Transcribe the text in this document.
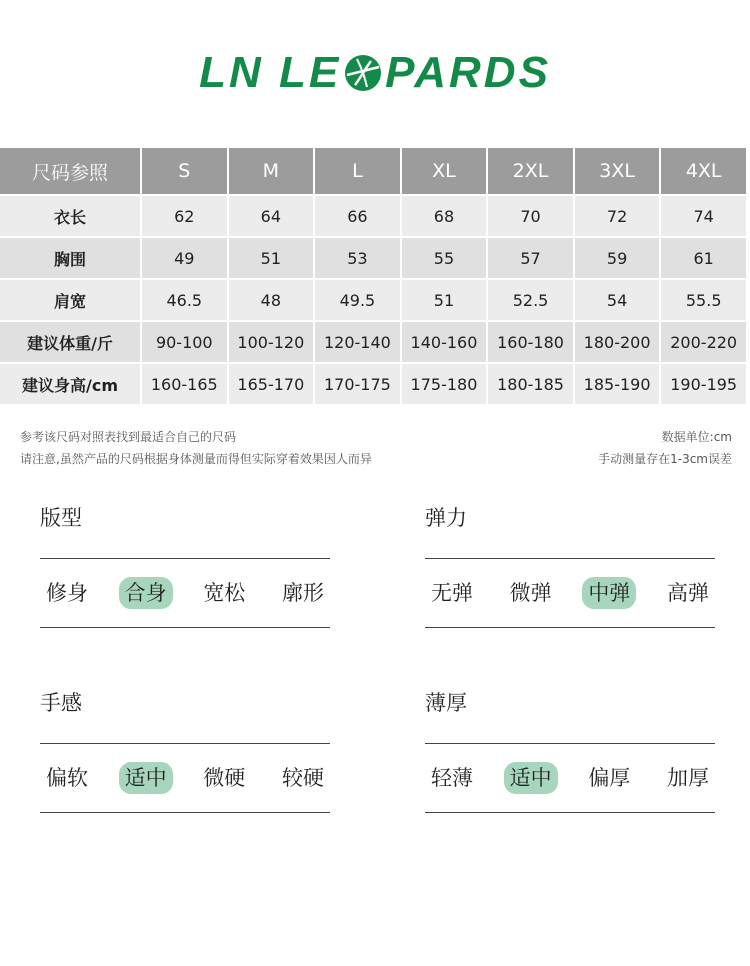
LN LE PARDS
尺码参照	S	M	L	XL	2XL	3XL	4XL
衣长	62	64	66	68	70	72	74
胸围	49	51	53	55	57	59	61
肩宽	46.5	48	49.5	51	52.5	54	55.5
建议体重/斤	90-100	100-120	120-140	140-160	160-180	180-200	200-220
建议身高/cm	160-165	165-170	170-175	175-180	180-185	185-190	190-195
参考该尺码对照表找到最适合自己的尺码
请注意,虽然产品的尺码根据身体测量而得但实际穿着效果因人而异
数据单位:cm
手动测量存在1-3cm误差
版型
修身 合身 宽松 廓形
弹力
无弹 微弹 中弹 高弹
手感
偏软 适中 微硬 较硬
薄厚
轻薄 适中 偏厚 加厚
